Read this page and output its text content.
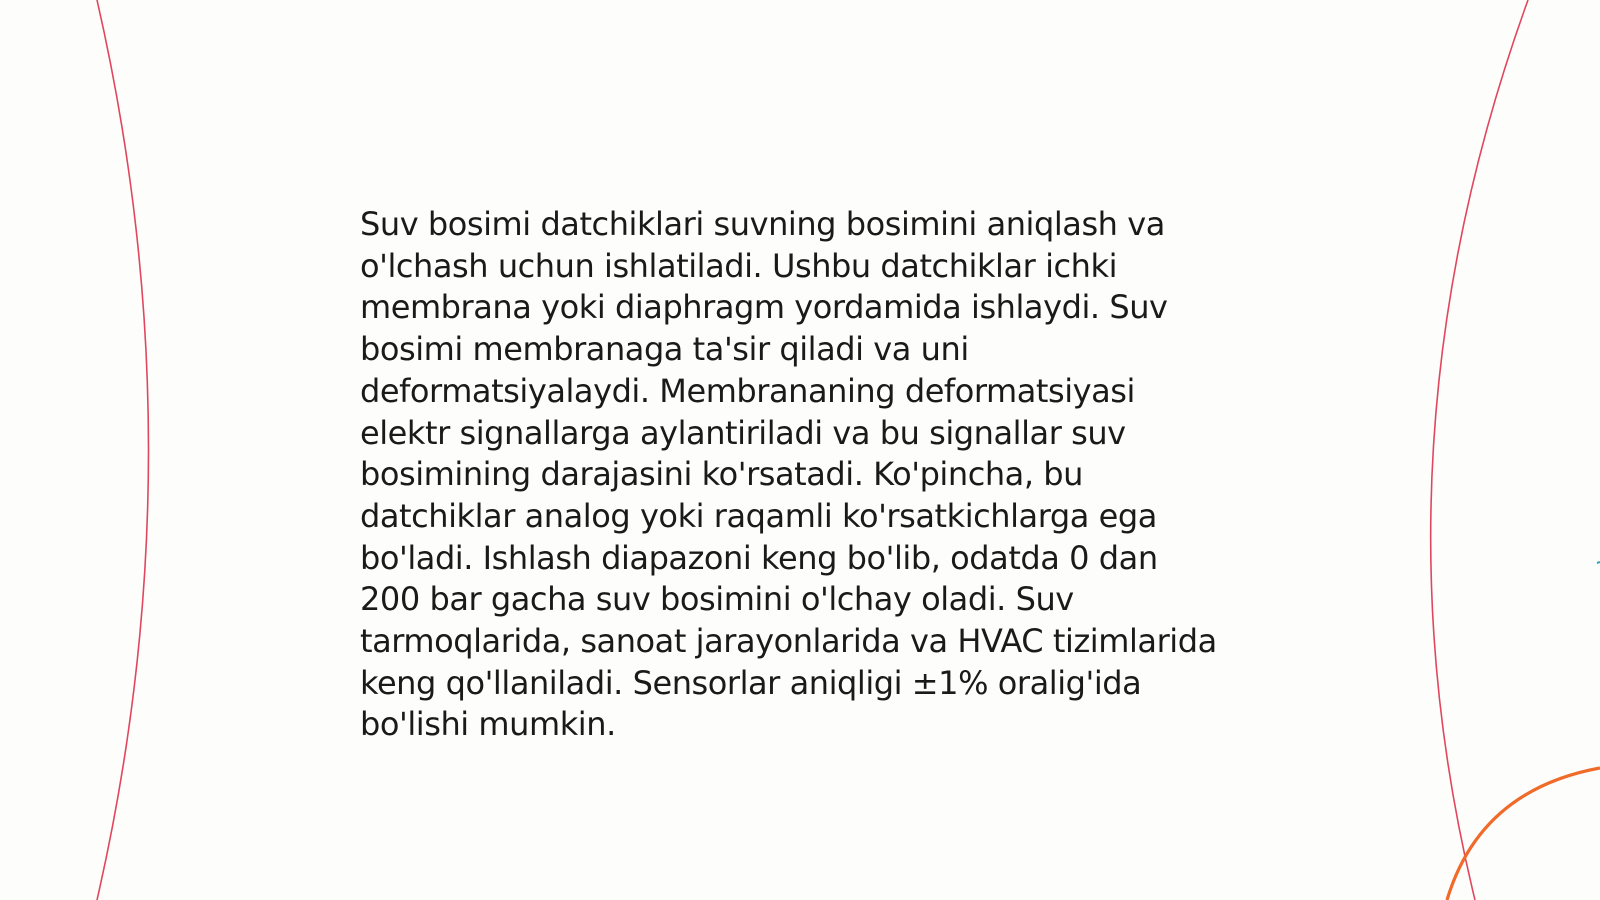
Suv bosimi datchiklari suvning bosimini aniqlash va o'lchash uchun ishlatiladi. Ushbu datchiklar ichki membrana yoki diaphragm yordamida ishlaydi. Suv bosimi membranaga ta'sir qiladi va uni deformatsiyalaydi. Membrananing deformatsiyasi elektr signallarga aylantiriladi va bu signallar suv bosimining darajasini ko'rsatadi. Ko'pincha, bu datchiklar analog yoki raqamli ko'rsatkichlarga ega bo'ladi. Ishlash diapazoni keng bo'lib, odatda 0 dan 200 bar gacha suv bosimini o'lchay oladi. Suv tarmoqlarida, sanoat jarayonlarida va HVAC tizimlarida keng qo'llaniladi. Sensorlar aniqligi ±1% oralig'ida bo'lishi mumkin.
